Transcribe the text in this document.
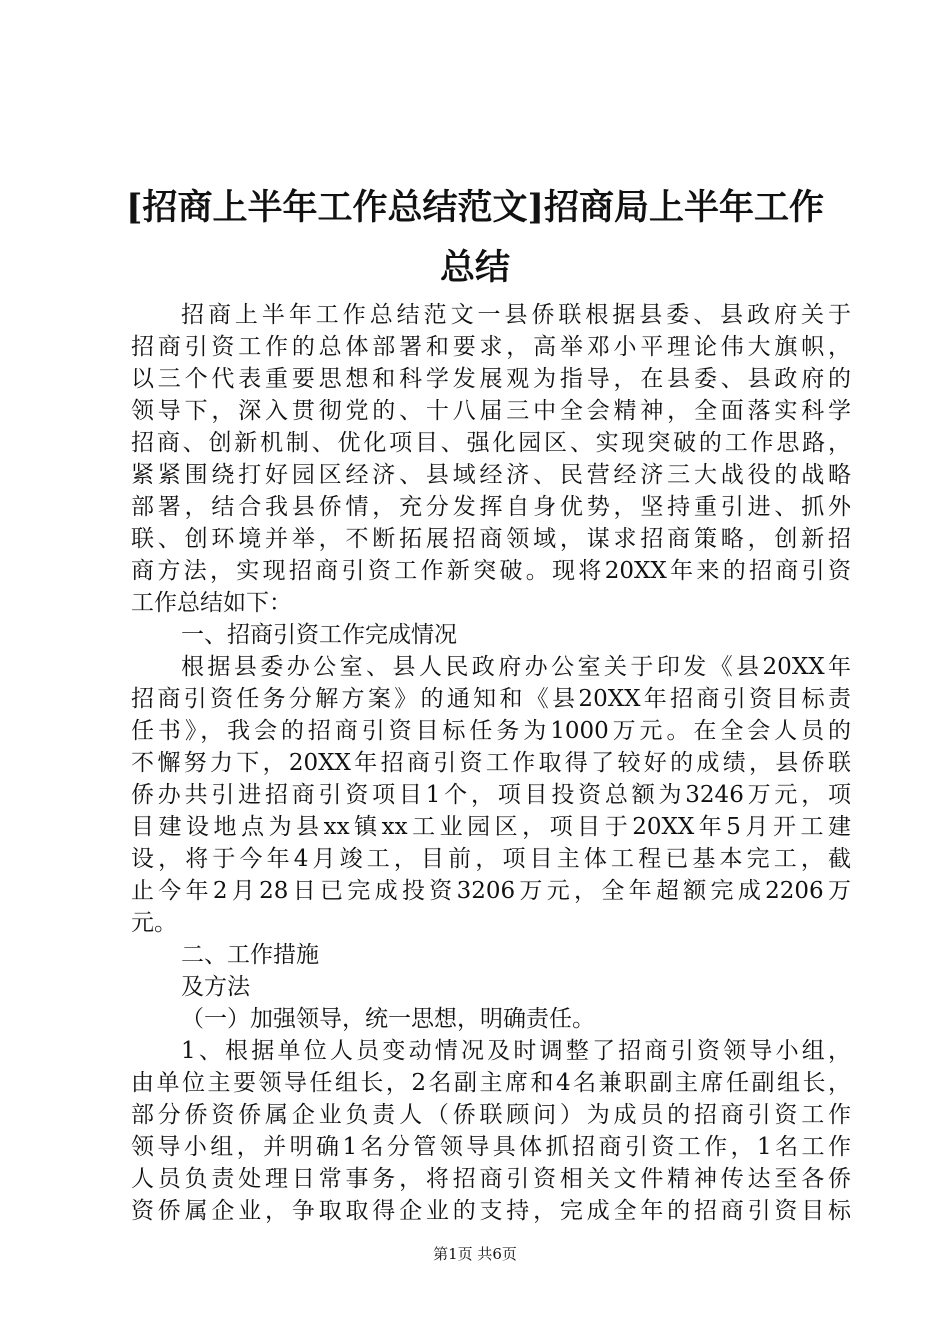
[招商上半年工作总结范文]招商局上半年工作
总结
招商上半年工作总结范文一县侨联根据县委、县政府关于
招商引资工作的总体部署和要求，高举邓小平理论伟大旗帜，
以三个代表重要思想和科学发展观为指导，在县委、县政府的
领导下，深入贯彻党的、十八届三中全会精神，全面落实科学
招商、创新机制、优化项目、强化园区、实现突破的工作思路，
紧紧围绕打好园区经济、县域经济、民营经济三大战役的战略
部署，结合我县侨情，充分发挥自身优势，坚持重引进、抓外
联、创环境并举，不断拓展招商领域，谋求招商策略，创新招
商方法，实现招商引资工作新突破。现将20XX年来的招商引资
工作总结如下：
一、招商引资工作完成情况
根据县委办公室、县人民政府办公室关于印发《县20XX年
招商引资任务分解方案》的通知和《县20XX年招商引资目标责
任书》，我会的招商引资目标任务为1000万元。在全会人员的
不懈努力下，20XX年招商引资工作取得了较好的成绩，县侨联
侨办共引进招商引资项目1个，项目投资总额为3246万元，项
目建设地点为县xx镇xx工业园区，项目于20XX年5月开工建
设，将于今年4月竣工，目前，项目主体工程已基本完工，截
止今年2月28日已完成投资3206万元，全年超额完成2206万
元。
二、工作措施
及方法
（一）加强领导，统一思想，明确责任。
1、根据单位人员变动情况及时调整了招商引资领导小组，
由单位主要领导任组长，2名副主席和4名兼职副主席任副组长，
部分侨资侨属企业负责人（侨联顾问）为成员的招商引资工作
领导小组，并明确1名分管领导具体抓招商引资工作，1名工作
人员负责处理日常事务，将招商引资相关文件精神传达至各侨
资侨属企业，争取取得企业的支持，完成全年的招商引资目标
第1页 共6页
